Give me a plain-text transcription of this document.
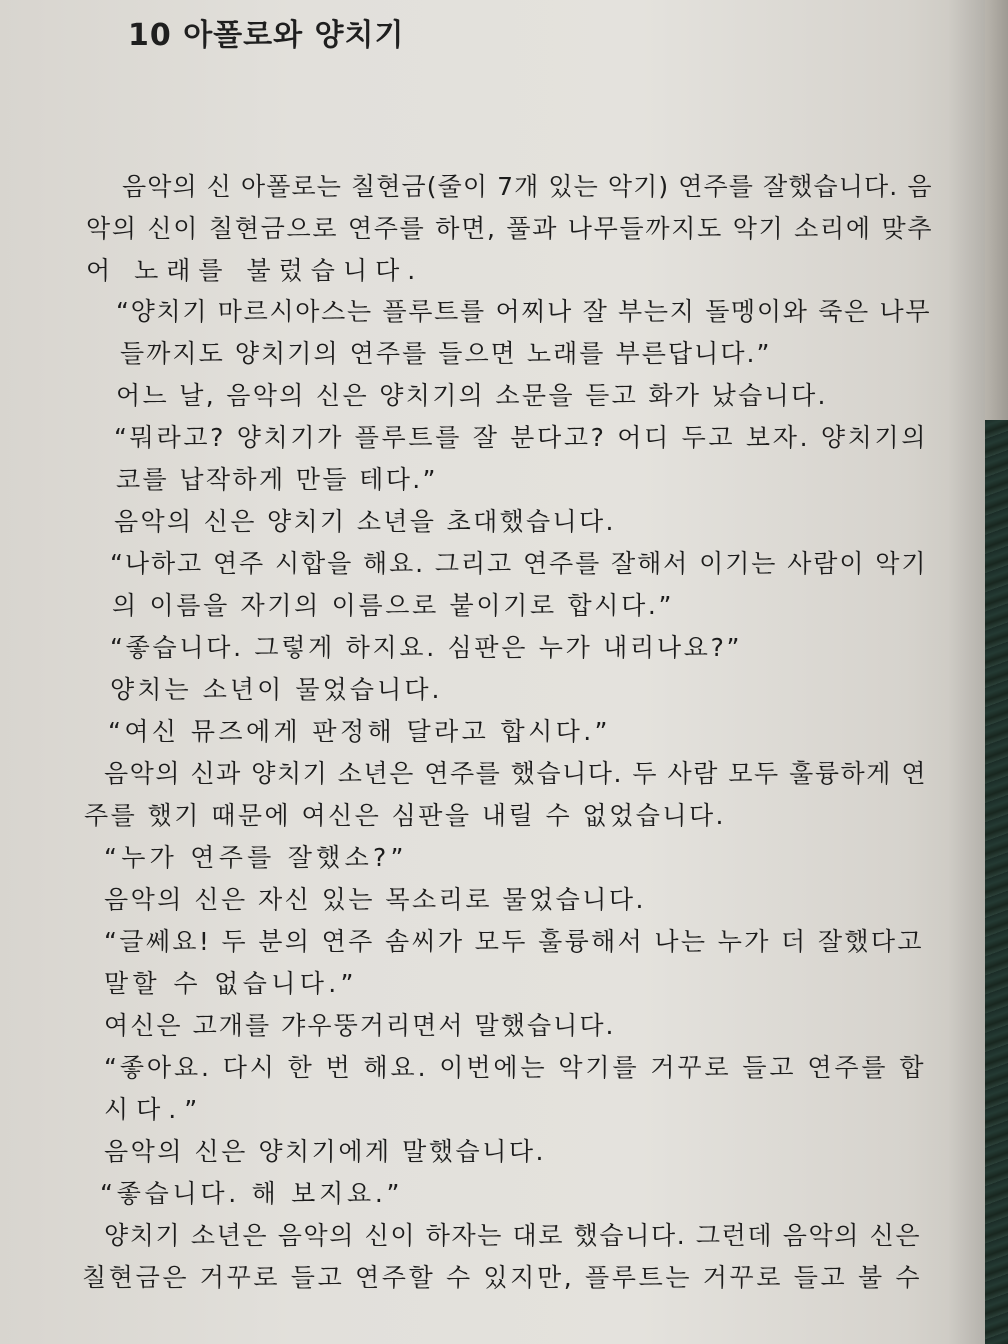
10 아폴로와 양치기

음악의 신 아폴로는 칠현금(줄이 7개 있는 악기) 연주를 잘했습니다. 음

악의 신이 칠현금으로 연주를 하면, 풀과 나무들까지도 악기 소리에 맞추

어 노래를 불렀습니다.

“양치기 마르시아스는 플루트를 어찌나 잘 부는지 돌멩이와 죽은 나무

들까지도 양치기의 연주를 들으면 노래를 부른답니다.”

어느 날, 음악의 신은 양치기의 소문을 듣고 화가 났습니다.

“뭐라고? 양치기가 플루트를 잘 분다고? 어디 두고 보자. 양치기의

코를 납작하게 만들 테다.”

음악의 신은 양치기 소년을 초대했습니다.

“나하고 연주 시합을 해요. 그리고 연주를 잘해서 이기는 사람이 악기

의 이름을 자기의 이름으로 붙이기로 합시다.”

“좋습니다. 그렇게 하지요. 심판은 누가 내리나요?”

양치는 소년이 물었습니다.

“여신 뮤즈에게 판정해 달라고 합시다.”

음악의 신과 양치기 소년은 연주를 했습니다. 두 사람 모두 훌륭하게 연

주를 했기 때문에 여신은 심판을 내릴 수 없었습니다.

“누가 연주를 잘했소?”

음악의 신은 자신 있는 목소리로 물었습니다.

“글쎄요! 두 분의 연주 솜씨가 모두 훌륭해서 나는 누가 더 잘했다고

말할 수 없습니다.”

여신은 고개를 갸우뚱거리면서 말했습니다.

“좋아요. 다시 한 번 해요. 이번에는 악기를 거꾸로 들고 연주를 합

시다.”

음악의 신은 양치기에게 말했습니다.

“좋습니다. 해 보지요.”

양치기 소년은 음악의 신이 하자는 대로 했습니다. 그런데 음악의 신은

칠현금은 거꾸로 들고 연주할 수 있지만, 플루트는 거꾸로 들고 불 수
